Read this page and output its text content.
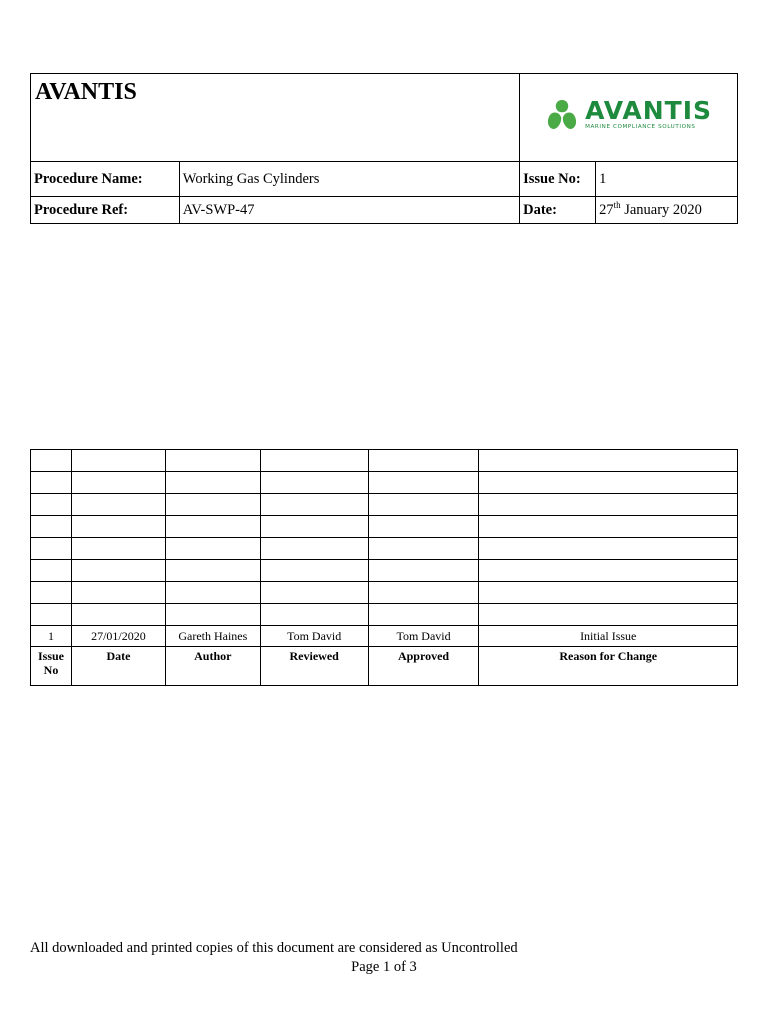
AVANTIS		AVANTIS
MARINE COMPLIANCE SOLUTIONS	

Procedure Name:	Working Gas Cylinders	Issue No:	1
Procedure Ref:	AV-SWP-47	Date:	27th January 2020

1	27/01/2020	Gareth Haines	Tom David	Tom David	Initial Issue
Issue No	Date	Author	Reviewed	Approved	Reason for Change
All downloaded and printed copies of this document are considered as Uncontrolled
Page 1 of 3
